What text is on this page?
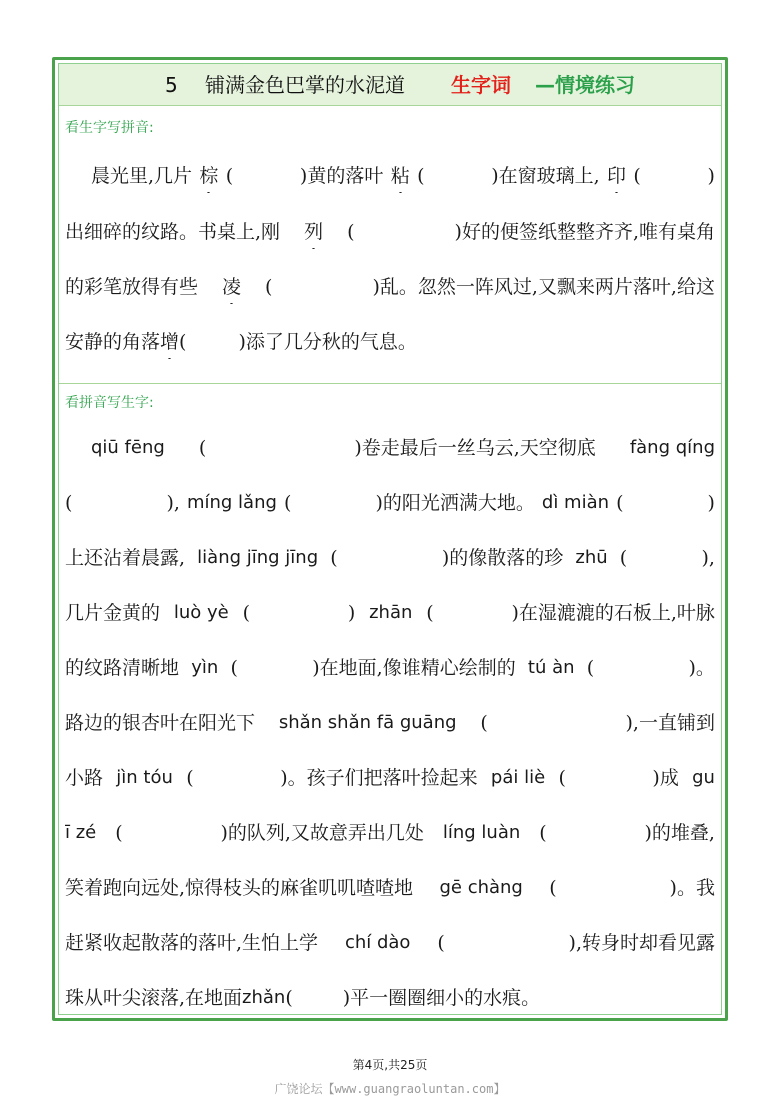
5 铺满金色巴掌的水泥道 生字词 —情境练习
看生字写拼音:
晨光里,几片 棕 (	)黄的落叶 粘 (	)在窗玻璃上, 印 (	)
出细碎的纹路。书桌上,刚 列 (	)好的便签纸整整齐齐,唯有桌角
的彩笔放得有些 凌 (	)乱。忽然一阵风过,又飘来两片落叶,给这
安静的角落 增 (	)添了几分秋的气息。
看拼音写生字:
qiū fēng (	)卷走最后一丝乌云,天空彻底 fàng qíng
(	), míng lǎng (	)的阳光洒满大地。 dì miàn (	)
上还沾着晨露, liàng jīng jīng (	)的像散落的珍 zhū (	),
几片金黄的 luò yè (	) zhān (	)在湿漉漉的石板上,叶脉
的纹路清晰地 yìn (	)在地面,像谁精心绘制的 tú àn (	)。
路边的银杏叶在阳光下 shǎn shǎn fā guāng (	),一直铺到
小路 jìn tóu (	)。孩子们把落叶捡起来 pái liè (	)成 gu
ī zé (	)的队列,又故意弄出几处 líng luàn (	)的堆叠,
笑着跑向远处,惊得枝头的麻雀叽叽喳喳地 gē chàng (	)。我
赶紧收起散落的落叶,生怕上学 chí dào (	),转身时却看见露
珠从叶尖滚落,在地面 zhǎn (	)平一圈圈细小的水痕。
第4页,共25页
广饶论坛【www.guangraoluntan.com】
